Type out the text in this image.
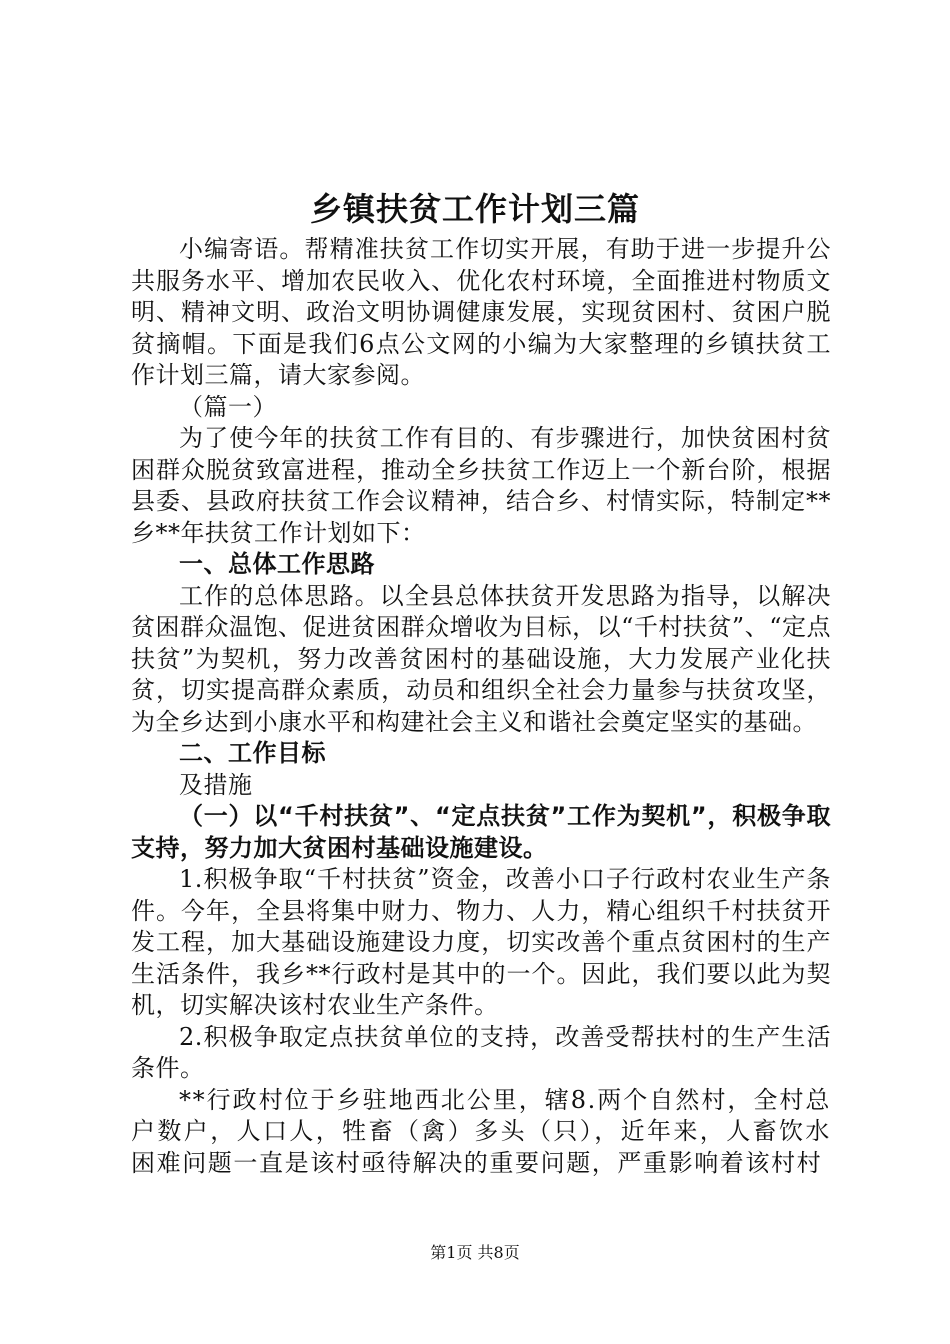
乡镇扶贫工作计划三篇

小编寄语。帮精准扶贫工作切实开展，有助于进一步提升公共服务水平、增加农民收入、优化农村环境，全面推进村物质文明、精神文明、政治文明协调健康发展，实现贫困村、贫困户脱贫摘帽。下面是我们6点公文网的小编为大家整理的乡镇扶贫工作计划三篇，请大家参阅。

（篇一）

为了使今年的扶贫工作有目的、有步骤进行，加快贫困村贫困群众脱贫致富进程，推动全乡扶贫工作迈上一个新台阶，根据县委、县政府扶贫工作会议精神，结合乡、村情实际，特制定**乡**年扶贫工作计划如下：

一、总体工作思路

工作的总体思路。以全县总体扶贫开发思路为指导，以解决贫困群众温饱、促进贫困群众增收为目标，以“千村扶贫”、“定点扶贫”为契机，努力改善贫困村的基础设施，大力发展产业化扶贫，切实提高群众素质，动员和组织全社会力量参与扶贫攻坚，为全乡达到小康水平和构建社会主义和谐社会奠定坚实的基础。

二、工作目标

及措施

（一）以“千村扶贫”、“定点扶贫”工作为契机”，积极争取支持，努力加大贫困村基础设施建设。

1.积极争取“千村扶贫”资金，改善小口子行政村农业生产条件。今年，全县将集中财力、物力、人力，精心组织千村扶贫开发工程，加大基础设施建设力度，切实改善个重点贫困村的生产生活条件，我乡**行政村是其中的一个。因此，我们要以此为契机，切实解决该村农业生产条件。

2.积极争取定点扶贫单位的支持，改善受帮扶村的生产生活条件。

**行政村位于乡驻地西北公里，辖8.两个自然村，全村总户数户，人口人，牲畜（禽）多头（只），近年来，人畜饮水困难问题一直是该村亟待解决的重要问题，严重影响着该村村

第1页 共8页
